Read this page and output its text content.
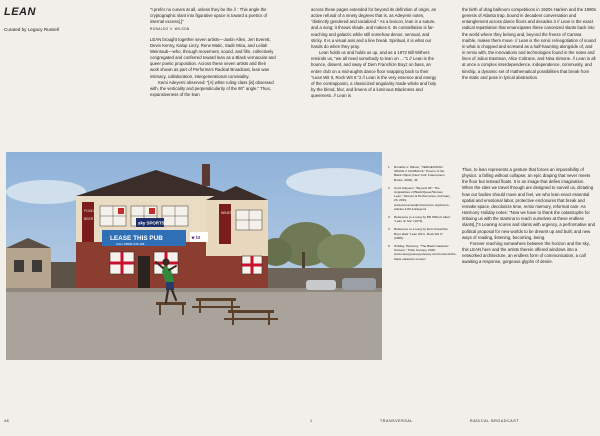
LEAN
Curated by Legacy Russell

"I prefer no curves at all, unless they be the // : This angle the cryptographic slant into figurative space is toward a poetics of internal excess[.]"

RONALDO V. WILSON

LEAN brought together seven artists—Justin Allen, Jen Everett, Devin Kenny, Kalup Linzy, Rene Matic, Sadé Mica, and Leilah Weinraub—who, through movement, sound, and film, collectively congregated and conferred toward lean as a Black vernacular and queer poetic proposition. Across these seven artists and their work shown as part of Performa's Radical Broadcast, lean was intimacy, collaboration, intergenerational conviviality.

Kemi Adeyemi observed: "[A] white ruling class [is] obsessed with, the verticality and perpendicularity of the 90° angle." Thus, expansiveness of the lean

across these pages extended for beyond its definition of origin, an active refusal of a ninety degrees that is, as Adeyemi notes, "distinctly gendered and racialized." As a lexicon, lean is a suture, and a song; it throws shade, and makes it. Its constellation is far-reaching and galactic while still somehow dense, sensual, and sticky. It is a visual axis and a line break. Spiritual, it is what our hands do when they pray.

Lean holds us and holds us up, and as a 1972 Bill Withers reminds us, "we all need somebody to lean on …"1 // Lean is the bounce, dissent, and sway of Dem Franchize Boyz on bass, an entire club on a mid-aughts dance floor snapping back to their "Lean Wit It, Rock Wit It."2 // Lean is the very essence and energy of the contrapposto, a classicized angularity made whole and holy by the blend, blur, and limens of a luminous Blackness and queerness. // Lean is

the birth of drag ballroom competitions in 1920s Harlem and the 1990s genesis of Atlanta trap, bound in decadent conversation and entanglement across dance floors and decades.3 // Lean is the exact radical repatriation that emancipates these canonized slants back into the world where they belong and, beyond the freeze of Carrara marble, makes them move. // Lean is the sonic re/negotiation of sound in what is chopped and screwed as a half-haunting alongside of, and in remix with, the innovations and technologies found in the notes and lines of Julius Eastman, Alice Coltrane, and Nina Simone. // Lean is all at once a complex interdependence, independence, community, and kinship, a dynamic set of mathematical possibilities that break from the static and pose in lyrical abstraction.

Thus, to lean represents a gesture that forces an impossibility of physics: a falling without collapse; an epic draping that never meets the floor but instead floats. It is an image that defies imagination. When the sites we travel through are designed to surveil us, dictating how our bodies should move and feel, we who lean enact essential spatial and emotional labor, protective enclosures that break and remake space, decolonize time, remix memory, reformat care. As Harmony Holiday notes: "Now we have to thank the catastrophe for imbuing us with the stamina to reach ourselves at these endless slants[.]"4 Leaning scores and slants with urgency, a performative and political proposal for new worlds to be dreamt up and built; and new ways of reading, listening, becoming, being.

Forever reaching somewhere between the horizon and the sky, this LEAN here and the artists therein offered windows into a networked architecture, an endless form of communication, a call awaiting a response, gorgeous glyphs of desire.

FOOD
BEER
WINES
LEASE THIS PUB
CALL 08082 346 208
sky SPORTS
★ bt
1	Ronaldo V. Wilson, "VERGE/ODAN SPACE // CAUBAN-8," Poems of the Black Object (New York: Futurepoem Books, 2009), 49.
2	Kemi Adeyemi, "Beyond 90°: The Angularities of Black/Queer/Women Lean," Women & Performance, February 26, 2019, www.womenandperformance.org/bonus-articles-1/29-1/adeyemi
3	Reference to a song by Bill Withers titled "Lean on Me" (1972).
4	Reference to a song by Dem Franchize Boyz titled "Lean Wit It, Rock Wit It" (2006).
5	Holiday, Harmony, "The Black Catatonic Scream," Triple Canopy, 2020, www.canopycanopycanopy.com/contents/the-black-catatonic-scream
46	1	TRANSVERSAL	RADICAL BROADCAST
